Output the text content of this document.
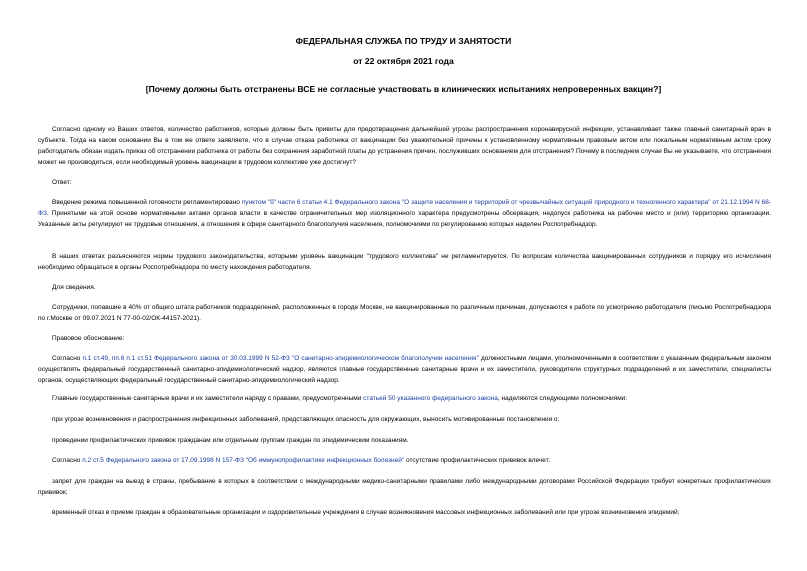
ФЕДЕРАЛЬНАЯ СЛУЖБА ПО ТРУДУ И ЗАНЯТОСТИ
от 22 октября 2021 года
[Почему должны быть отстранены ВСЕ не согласные участвовать в клинических испытаниях непроверенных вакцин?]
Согласно одному из Ваших ответов, количество работников, которые должны быть привиты для предотвращения дальнейшей угрозы распространения коронавирусной инфекции, устанавливает также главный санитарный врач в субъекте. Тогда на каком основании Вы в том же ответе заявляете, что в случае отказа работника от вакцинации без уважительной причины к установленному нормативным правовым актом или локальным нормативным актом сроку работодатель обязан издать приказ об отстранении работника от работы без сохранения заработной платы до устранения причин, послуживших основанием для отстранения? Почему в последнем случае Вы не указываете, что отстранения может не производиться, если необходимый уровень вакцинации в трудовом коллективе уже достигнут?
Ответ:
Введение режима повышенной готовности регламентировано пунктом "б" части 6 статьи 4.1 Федерального закона "О защите населения и территорий от чрезвычайных ситуаций природного и техногенного характера" от 21.12.1994 N 68-ФЗ. Принятыми на этой основе нормативными актами органов власти в качестве ограничительных мер изоляционного характера предусмотрены обсервация, недопуск работника на рабочее место и (или) территорию организации. Указанные акты регулируют не трудовые отношения, а отношения в сфере санитарного благополучия населения, полномочиями по регулированию которых наделен Роспотребнадзор.
В наших ответах разъясняются нормы трудового законодательства, которыми уровень вакцинации "трудового коллектива" не регламентируется. По вопросам количества вакцинированных сотрудников и порядку его исчисления необходимо обращаться в органы Роспотребнадзора по месту нахождения работодателя.
Для сведения.
Сотрудники, попавшие в 40% от общего штата работников подразделений, расположенных в городе Москве, не вакцинированные по различным причинам, допускаются к работе по усмотрению работодателя (письмо Роспотребнадзора по г.Москве от 09.07.2021 N 77-00-02/ОК-44157-2021).
Правовое обоснование:
Согласно п.1 ст.49, пп.6 п.1 ст.51 Федерального закона от 30.03.1999 N 52-ФЗ "О санитарно-эпидемиологическом благополучии населения" должностными лицами, уполномоченными в соответствии с указанным федеральным законом осуществлять федеральный государственный санитарно-эпидемиологический надзор, являются главные государственные санитарные врачи и их заместители, руководители структурных подразделений и их заместители, специалисты органов, осуществляющих федеральный государственный санитарно-эпидемиологический надзор.
Главные государственные санитарные врачи и их заместители наряду с правами, предусмотренными статьей 50 указанного федерального закона, наделяются следующими полномочиями:
при угрозе возникновения и распространения инфекционных заболеваний, представляющих опасность для окружающих, выносить мотивированные постановления о:
проведении профилактических прививок гражданам или отдельным группам граждан по эпидемическим показаниям.
Согласно п.2 ст.5 Федерального закона от 17.09.1998 N 157-ФЗ "Об иммунопрофилактике инфекционных болезней" отсутствие профилактических прививок влечет:
запрет для граждан на выезд в страны, пребывание в которых в соответствии с международными медико-санитарными правилами либо международными договорами Российской Федерации требует конкретных профилактических прививок;
временный отказ в приеме граждан в образовательные организации и оздоровительные учреждения в случае возникновения массовых инфекционных заболеваний или при угрозе возникновения эпидемий;
